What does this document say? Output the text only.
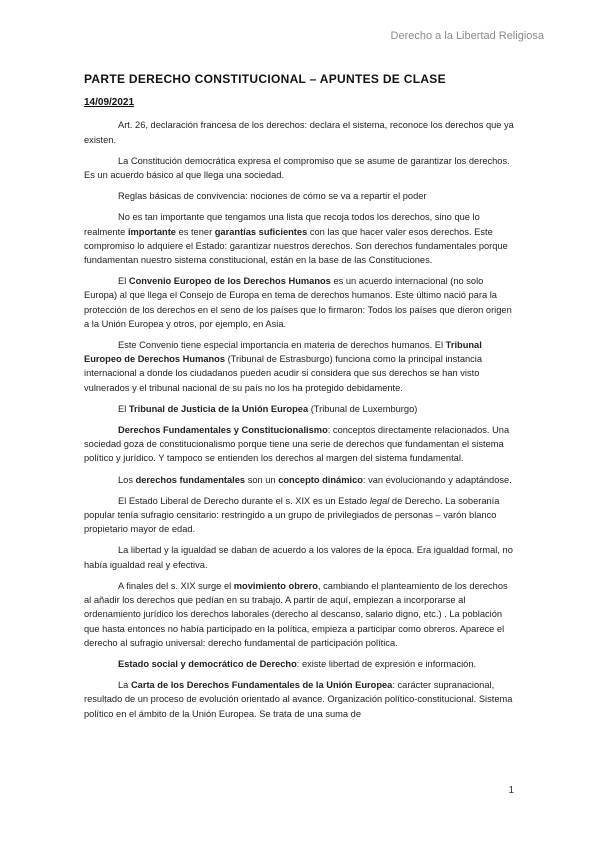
Derecho a la Libertad Religiosa
PARTE DERECHO CONSTITUCIONAL – APUNTES DE CLASE
14/09/2021

Art. 26, declaración francesa de los derechos: declara el sistema, reconoce los derechos que ya existen.

La Constitución democrática expresa el compromiso que se asume de garantizar los derechos. Es un acuerdo básico al que llega una sociedad.

Reglas básicas de convivencia: nociones de cómo se va a repartir el poder

No es tan importante que tengamos una lista que recoja todos los derechos, sino que lo realmente importante es tener garantías suficientes con las que hacer valer esos derechos. Este compromiso lo adquiere el Estado: garantizar nuestros derechos. Son derechos fundamentales porque fundamentan nuestro sistema constitucional, están en la base de las Constituciones.

El Convenio Europeo de los Derechos Humanos es un acuerdo internacional (no solo Europa) al que llega el Consejo de Europa en tema de derechos humanos. Este último nació para la protección de los derechos en el seno de los países que lo firmaron: Todos los países que dieron origen a la Unión Europea y otros, por ejemplo, en Asia.

Este Convenio tiene especial importancia en materia de derechos humanos. El Tribunal Europeo de Derechos Humanos (Tribunal de Estrasburgo) funciona como la principal instancia internacional a donde los ciudadanos pueden acudir si considera que sus derechos se han visto vulnerados y el tribunal nacional de su país no los ha protegido debidamente.

El Tribunal de Justicia de la Unión Europea (Tribunal de Luxemburgo)

Derechos Fundamentales y Constitucionalismo: conceptos directamente relacionados. Una sociedad goza de constitucionalismo porque tiene una serie de derechos que fundamentan el sistema político y jurídico. Y tampoco se entienden los derechos al margen del sistema fundamental.

Los derechos fundamentales son un concepto dinámico: van evolucionando y adaptándose.

El Estado Liberal de Derecho durante el s. XIX es un Estado legal de Derecho. La soberanía popular tenía sufragio censitario: restringido a un grupo de privilegiados de personas – varón blanco propietario mayor de edad.

La libertad y la igualdad se daban de acuerdo a los valores de la época. Era igualdad formal, no había igualdad real y efectiva.

A finales del s. XIX surge el movimiento obrero, cambiando el planteamiento de los derechos al añadir los derechos que pedían en su trabajo. A partir de aquí, empiezan a incorporarse al ordenamiento jurídico los derechos laborales (derecho al descanso, salario digno, etc.) . La población que hasta entonces no había participado en la política, empieza a participar como obreros. Aparece el derecho al sufragio universal: derecho fundamental de participación política.

Estado social y democrático de Derecho: existe libertad de expresión e información.

La Carta de los Derechos Fundamentales de la Unión Europea: carácter supranacional, resultado de un proceso de evolución orientado al avance. Organización político-constitucional. Sistema político en el ámbito de la Unión Europea. Se trata de una suma de

1
